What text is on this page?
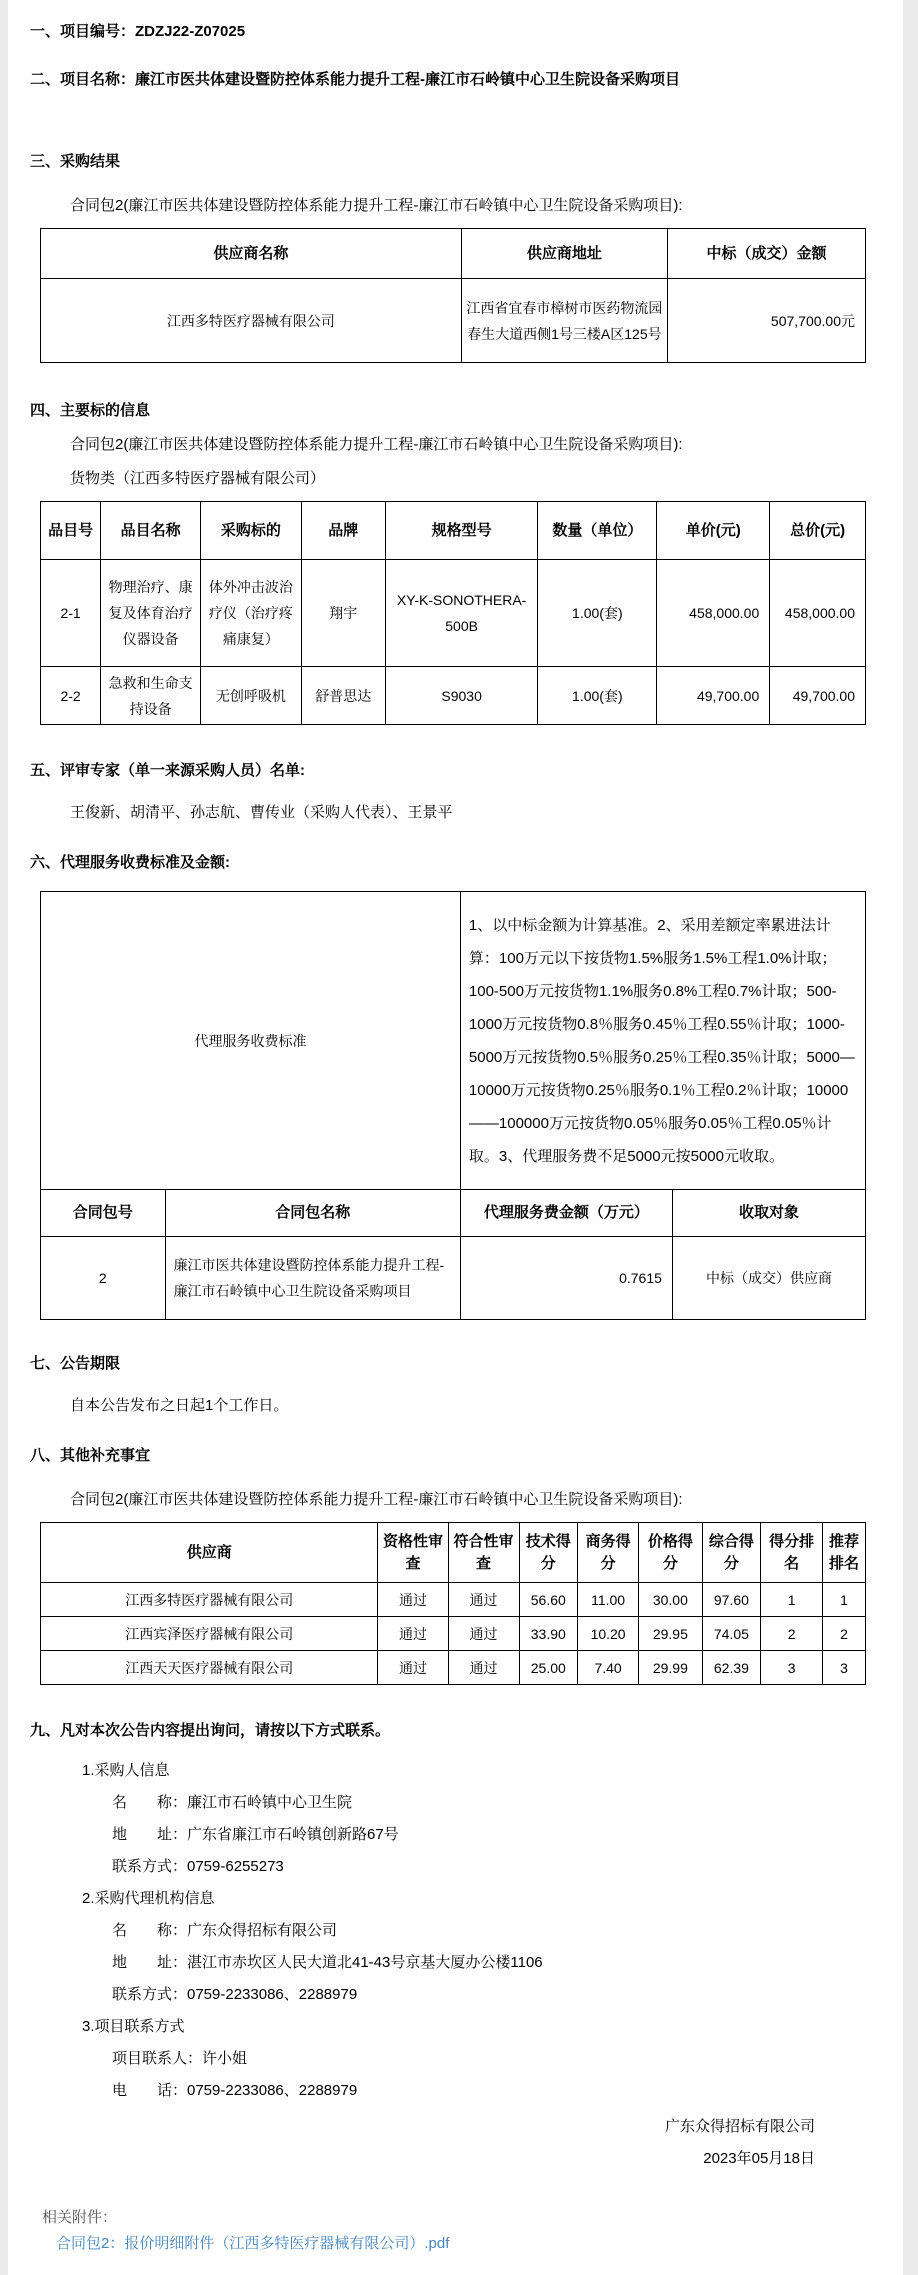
一、项目编号：ZDZJ22-Z07025

二、项目名称：廉江市医共体建设暨防控体系能力提升工程-廉江市石岭镇中心卫生院设备采购项目

三、采购结果

合同包2(廉江市医共体建设暨防控体系能力提升工程-廉江市石岭镇中心卫生院设备采购项目):

供应商名称	供应商地址	中标（成交）金额
江西多特医疗器械有限公司	江西省宜春市樟树市医药物流园春生大道西侧1号三楼A区125号	507,700.00元

四、主要标的信息

合同包2(廉江市医共体建设暨防控体系能力提升工程-廉江市石岭镇中心卫生院设备采购项目):

货物类（江西多特医疗器械有限公司）

品目号	品目名称	采购标的	品牌	规格型号	数量（单位）	单价(元)	总价(元)
2-1	物理治疗、康复及体育治疗仪器设备	体外冲击波治疗仪（治疗疼痛康复）	翔宇	XY-K-SONOTHERA-500B	1.00(套)	458,000.00	458,000.00
2-2	急救和生命支持设备	无创呼吸机	舒普思达	S9030	1.00(套)	49,700.00	49,700.00

五、评审专家（单一来源采购人员）名单:

王俊新、胡清平、孙志航、曹传业（采购人代表）、王景平

六、代理服务收费标准及金额:

代理服务收费标准		1、以中标金额为计算基准。2、采用差额定率累进法计算：100万元以下按货物1.5%服务1.5%工程1.0%计取；100-500万元按货物1.1%服务0.8%工程0.7%计取；500-1000万元按货物0.8％服务0.45％工程0.55％计取；1000-5000万元按货物0.5％服务0.25％工程0.35％计取；5000—10000万元按货物0.25％服务0.1％工程0.2％计取；10000——100000万元按货物0.05％服务0.05％工程0.05％计取。3、代理服务费不足5000元按5000元收取。	
合同包号	合同包名称	代理服务费金额（万元）	收取对象
2	廉江市医共体建设暨防控体系能力提升工程-廉江市石岭镇中心卫生院设备采购项目	0.7615	中标（成交）供应商

七、公告期限

自本公告发布之日起1个工作日。

八、其他补充事宜

合同包2(廉江市医共体建设暨防控体系能力提升工程-廉江市石岭镇中心卫生院设备采购项目):

供应商	资格性审查	符合性审查	技术得分	商务得分	价格得分	综合得分	得分排名	推荐排名
江西多特医疗器械有限公司	通过	通过	56.60	11.00	30.00	97.60	1	1
江西宾泽医疗器械有限公司	通过	通过	33.90	10.20	29.95	74.05	2	2
江西天天医疗器械有限公司	通过	通过	25.00	7.40	29.99	62.39	3	3

九、凡对本次公告内容提出询问，请按以下方式联系。

1.采购人信息

名　　称：廉江市石岭镇中心卫生院

地　　址：广东省廉江市石岭镇创新路67号

联系方式：0759-6255273

2.采购代理机构信息

名　　称：广东众得招标有限公司

地　　址：湛江市赤坎区人民大道北41-43号京基大厦办公楼1106

联系方式：0759-2233086、2288979

3.项目联系方式

项目联系人：许小姐

电　　话：0759-2233086、2288979

广东众得招标有限公司

2023年05月18日

相关附件：

合同包2：报价明细附件（江西多特医疗器械有限公司）.pdf
